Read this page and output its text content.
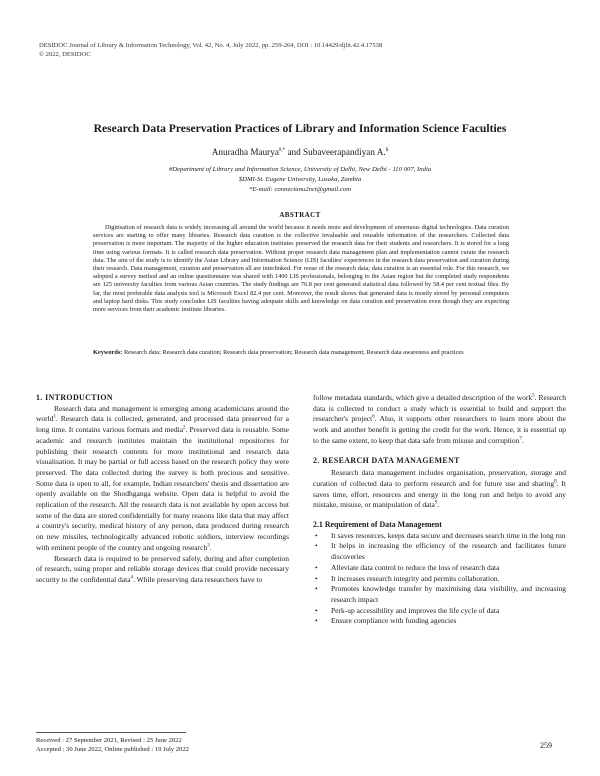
DESIDOC Journal of Library & Information Technology, Vol. 42, No. 4, July 2022, pp. 259-264, DOI : 10.14429/djlit.42.4.17538
© 2022, DESIDOC
Research Data Preservation Practices of Library and Information Science Faculties
Anuradha Maurya#,* and Subaveerapandiyan A.$
#Department of Library and Information Science, University of Delhi, New Delhi - 110 007, India
$DMI-St. Eugene University, Lusaka, Zambia
*E-mail: connectanu2nct@gmail.com
ABSTRACT

Digitisation of research data is widely increasing all around the world because it needs more and development of enormous digital technologies. Data curation services are starting to offer many libraries. Research data curation is the collective invaluable and reusable information of the researchers. Collected data preservation is more important. The majority of the higher education institutes preserved the research data for their students and researchers. It is stored for a long time using various formats. It is called research data preservation. Without proper research data management plan and implementation cannot curate the research data. The aim of the study is to identify the Asian Library and Information Science (LIS) faculties' experiences in the research data preservation and curation during their research. Data management, curation and preservation all are interlinked. For reuse of the research data; data curation is an essential role. For this research, we adopted a survey method and an online questionnaire was shared with 1400 LIS professionals, belonging to the Asian region but the completed study respondents are 125 university faculties from various Asian countries. The study findings are 76.8 per cent generated statistical data followed by 58.4 per cent textual files. By far, the most preferable data analysis tool is Microsoft Excel 82.4 per cent. Moreover, the result shows that generated data is mostly stored by personal computers and laptop hard disks. This study concludes LIS faculties having adequate skills and knowledge on data curation and preservation even though they are expecting more services from their academic institute libraries.

Keywords: Research data; Research data curation; Research data preservation; Research data management; Research data awareness and practices

1. INTRODUCTION

Research data and management is emerging among academicians around the world$^1$. Research data is collected, generated, and processed data preserved for a long time. It contains various formats and media$^2$. Preserved data is reusable. Some academic and research institutes maintain the institutional repositories for publishing their research contents for more institutional and research data visualisation. It may be partial or full access based on the research policy they were preserved. The data collected during the survey is both precious and sensitive. Some data is open to all, for example, Indian researchers' thesis and dissertation are openly available on the Shodhganga website. Open data is helpful to avoid the replication of the research. All the research data is not available by open access but some of the data are stored confidentially for many reasons like data that may affect a country's security, medical history of any person, data produced during research on new missiles, technologically advanced robotic soldiers, interview recordings with eminent people of the country and ongoing research$^3$.

Research data is required to be preserved safely, during and after completion of research, using proper and reliable storage devices that could provide necessary security to the confidential data$^4$. While preserving data researchers have to

follow metadata standards, which give a detailed description of the work$^5$. Research data is collected to conduct a study which is essential to build and support the researcher's project$^6$. Also, it supports other researchers to learn more about the work and another benefit is getting the credit for the work. Hence, it is essential up to the same extent, to keep that data safe from misuse and corruption$^7$.

2. RESEARCH DATA MANAGEMENT

Research data management includes organisation, preservation, storage and curation of collected data to perform research and for future use and sharing$^8$. It saves time, effort, resources and energy in the long run and helps to avoid any mistake, misuse, or manipulation of data$^9$.

2.1 Requirement of Data Management

• It saves resources, keeps data secure and decreases search time in the long run
• It helps in increasing the efficiency of the research and facilitates future discoveries
• Alleviate data control to reduce the loss of research data
• It increases research integrity and permits collaboration.
• Promotes knowledge transfer by maximising data visibility, and increasing research impact
• Perk-up accessibility and improves the life cycle of data
• Ensure compliance with funding agencies
Received : 27 September 2021, Revised : 25 June 2022
Accepted : 30 June 2022, Online published : 19 July 2022	259
